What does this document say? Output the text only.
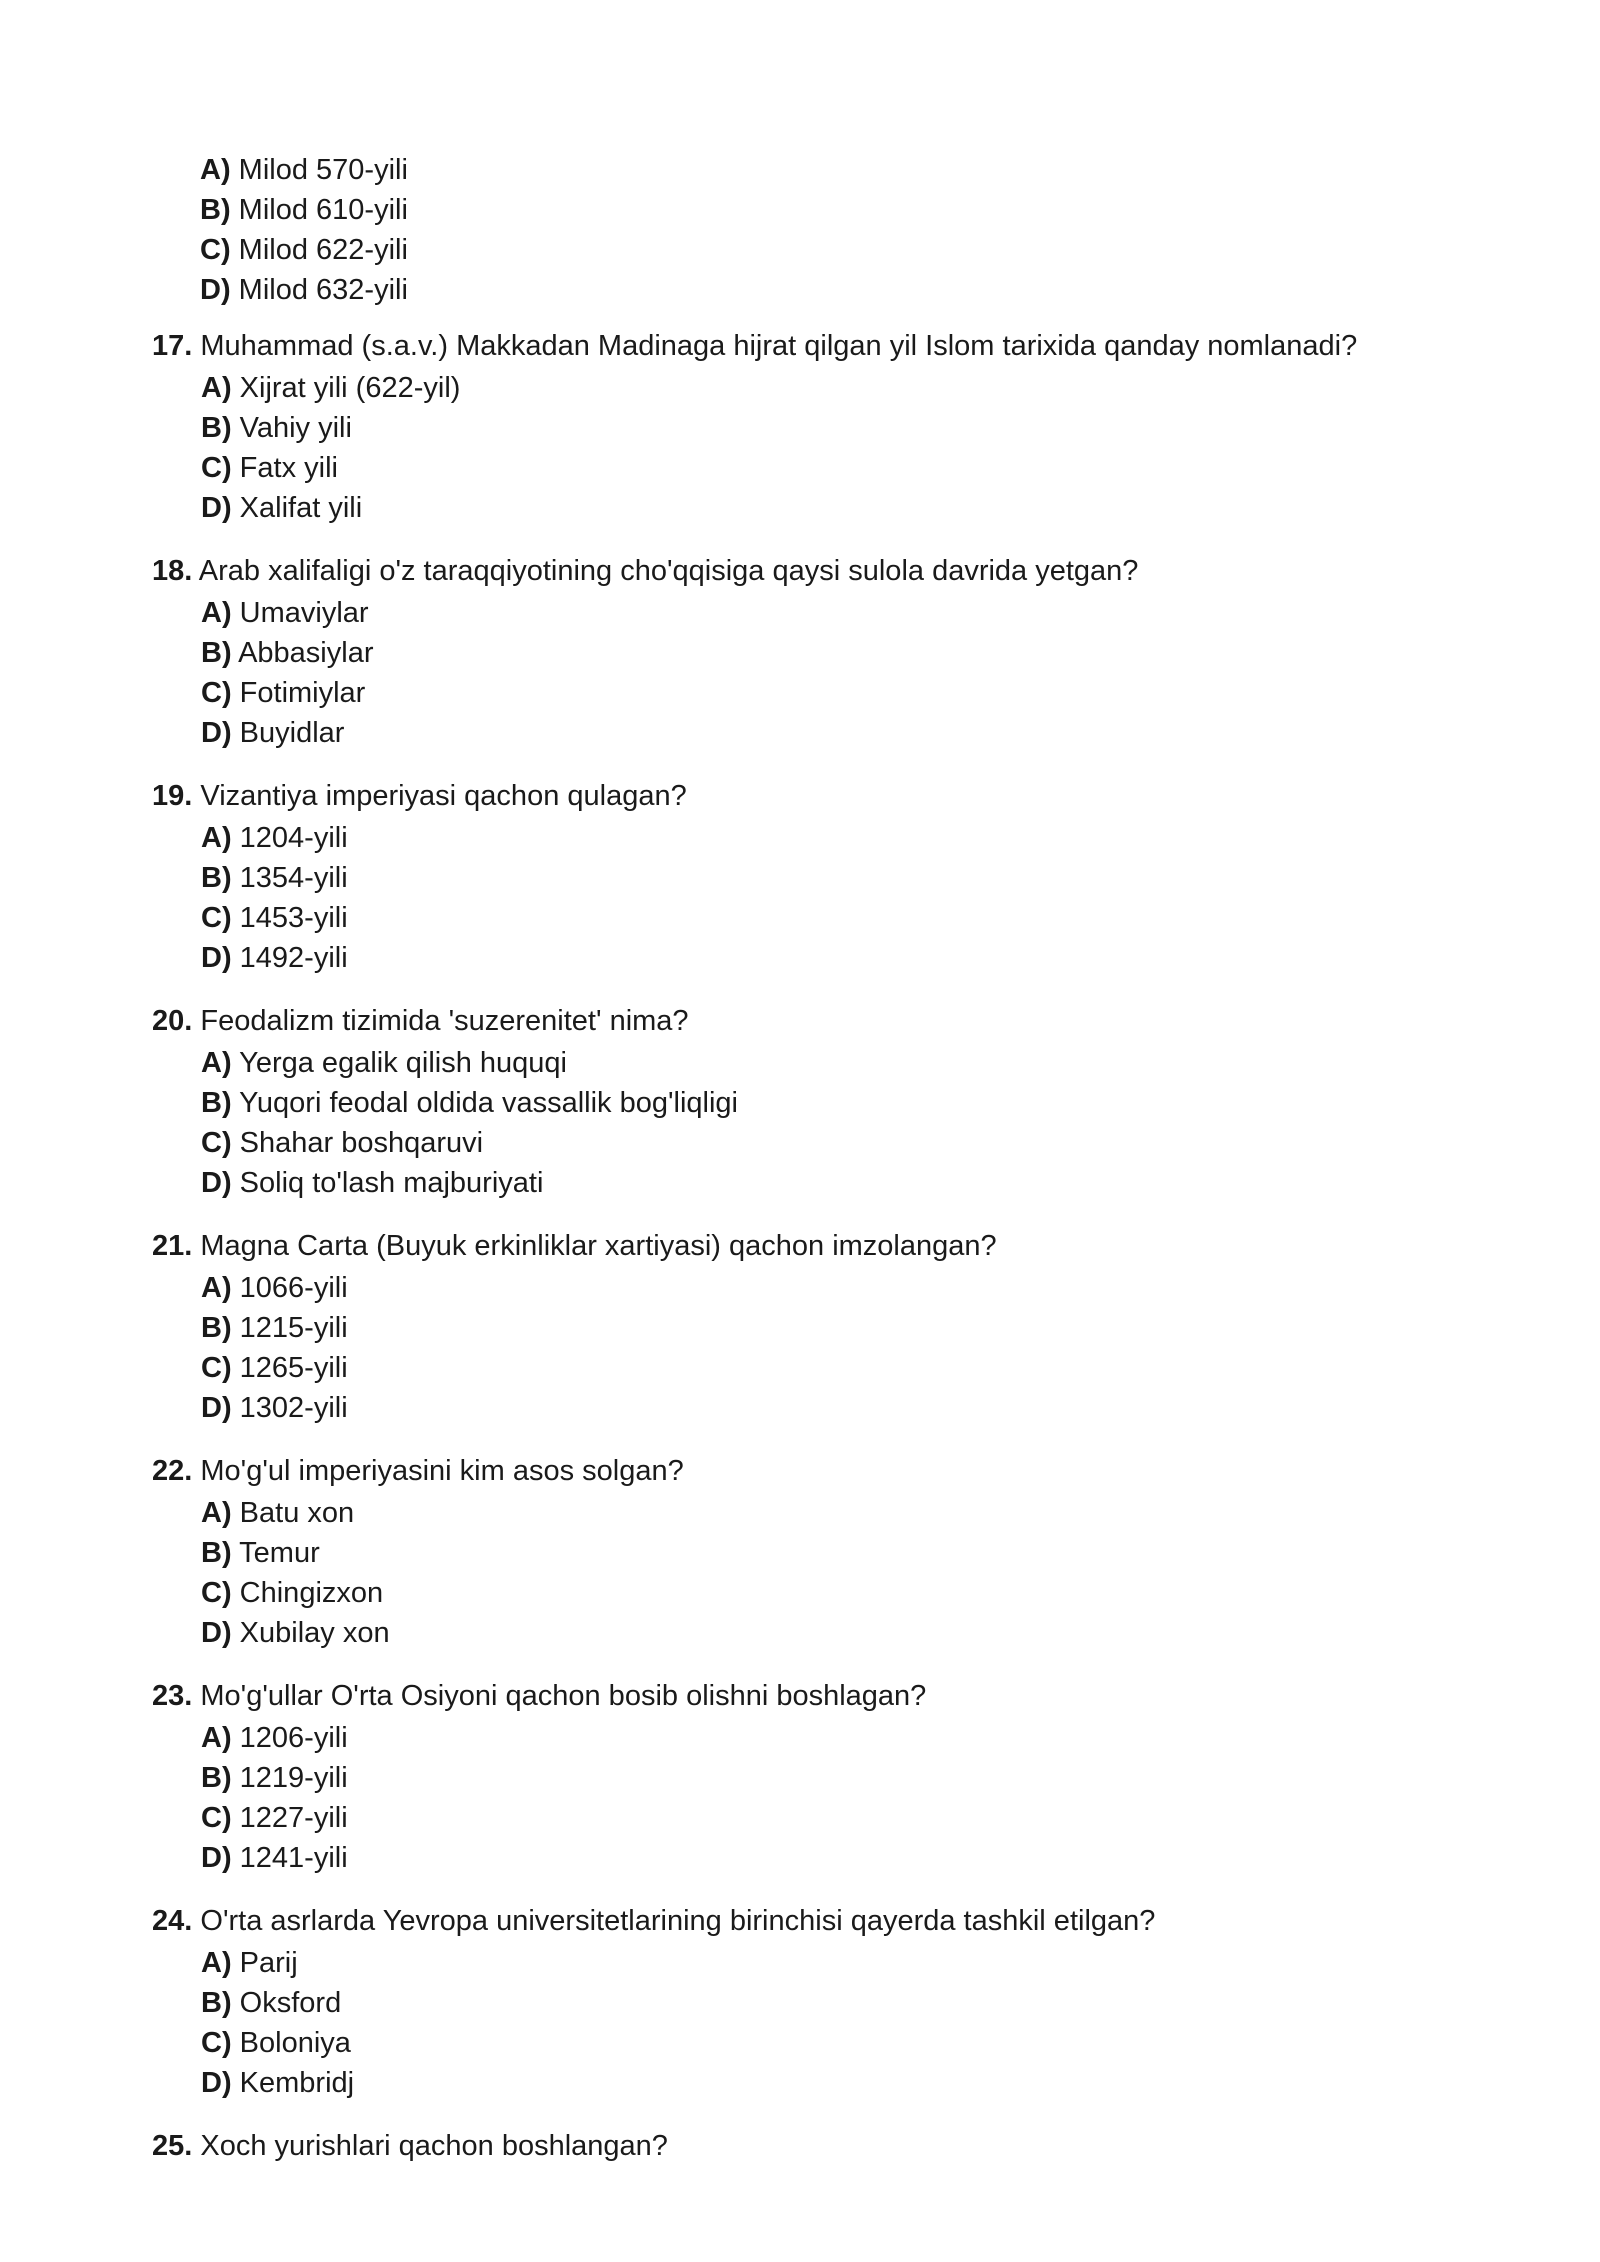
A) Milod 570-yili
B) Milod 610-yili
C) Milod 622-yili
D) Milod 632-yili
17. Muhammad (s.a.v.) Makkadan Madinaga hijrat qilgan yil Islom tarixida qanday nomlanadi?
A) Xijrat yili (622-yil)
B) Vahiy yili
C) Fatx yili
D) Xalifat yili
18. Arab xalifaligi o'z taraqqiyotining cho'qqisiga qaysi sulola davrida yetgan?
A) Umaviylar
B) Abbasiylar
C) Fotimiylar
D) Buyidlar
19. Vizantiya imperiyasi qachon qulagan?
A) 1204-yili
B) 1354-yili
C) 1453-yili
D) 1492-yili
20. Feodalizm tizimida 'suzerenitet' nima?
A) Yerga egalik qilish huquqi
B) Yuqori feodal oldida vassallik bog'liqligi
C) Shahar boshqaruvi
D) Soliq to'lash majburiyati
21. Magna Carta (Buyuk erkinliklar xartiyasi) qachon imzolangan?
A) 1066-yili
B) 1215-yili
C) 1265-yili
D) 1302-yili
22. Mo'g'ul imperiyasini kim asos solgan?
A) Batu xon
B) Temur
C) Chingizxon
D) Xubilay xon
23. Mo'g'ullar O'rta Osiyoni qachon bosib olishni boshlagan?
A) 1206-yili
B) 1219-yili
C) 1227-yili
D) 1241-yili
24. O'rta asrlarda Yevropa universitetlarining birinchisi qayerda tashkil etilgan?
A) Parij
B) Oksford
C) Boloniya
D) Kembridj
25. Xoch yurishlari qachon boshlangan?
